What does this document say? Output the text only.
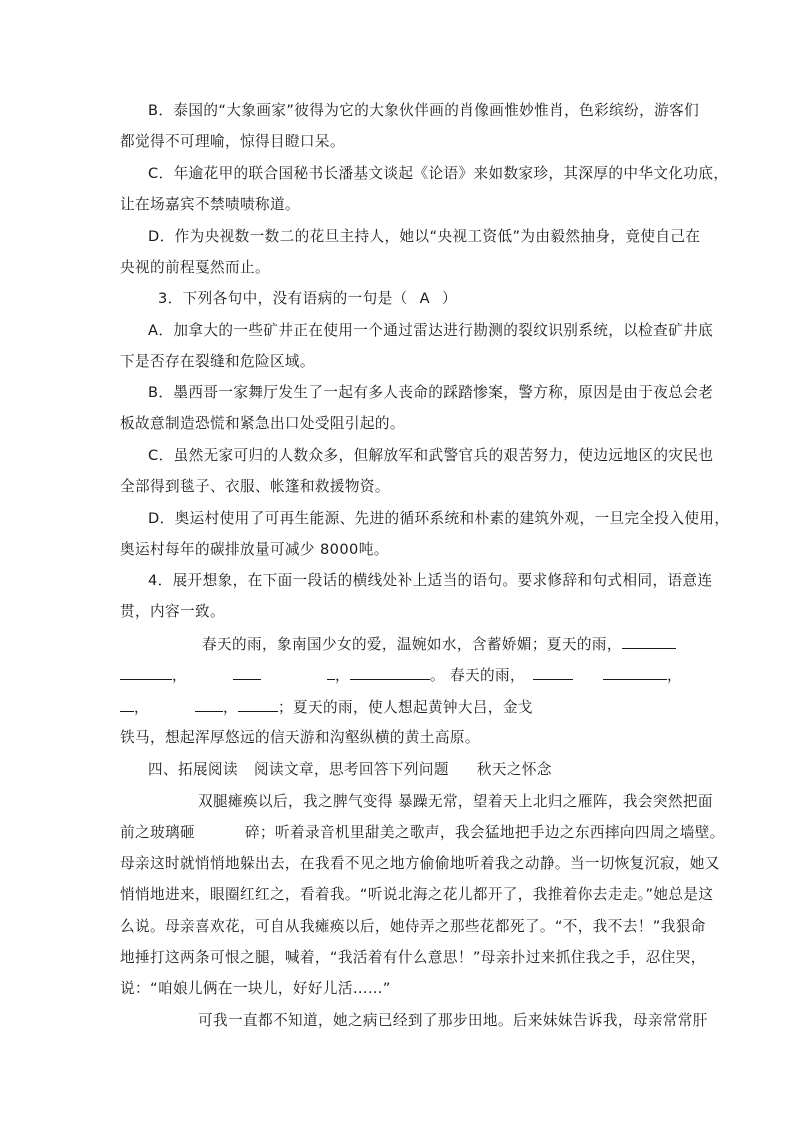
B．泰国的“大象画家”彼得为它的大象伙伴画的肖像画惟妙惟肖，色彩缤纷，游客们
都觉得不可理喻，惊得目瞪口呆。
C．年逾花甲的联合国秘书长潘基文谈起《论语》来如数家珍，其深厚的中华文化功底，
让在场嘉宾不禁啧啧称道。
D．作为央视数一数二的花旦主持人，她以“央视工资低”为由毅然抽身，竟使自己在
央视的前程戛然而止。
3．下列各句中，没有语病的一句是（ A ）
A．加拿大的一些矿井正在使用一个通过雷达进行勘测的裂纹识别系统，以检查矿井底
下是否存在裂缝和危险区域。
B．墨西哥一家舞厅发生了一起有多人丧命的踩踏惨案，警方称，原因是由于夜总会老
板故意制造恐慌和紧急出口处受阻引起的。
C．虽然无家可归的人数众多，但解放军和武警官兵的艰苦努力，使边远地区的灾民也
全部得到毯子、衣服、帐篷和救援物资。
D．奥运村使用了可再生能源、先进的循环系统和朴素的建筑外观，一旦完全投入使用，
奥运村每年的碳排放量可减少 8000吨。
4．展开想象，在下面一段话的横线处补上适当的语句。要求修辞和句式相同，语意连
贯，内容一致。
春天的雨，象南国少女的爱，温婉如水，含蓄娇媚；夏天的雨，
，	，	。 春天的雨，	，
，	，	；夏天的雨，使人想起黄钟大吕，金戈
铁马，想起浑厚悠远的信天游和沟壑纵横的黄土高原。
四、拓展阅读 阅读文章，思考回答下列问题 秋天之怀念
双腿瘫痪以后，我之脾气变得 暴躁无常，望着天上北归之雁阵，我会突然把面
前之玻璃砸	碎；听着录音机里甜美之歌声，我会猛地把手边之东西摔向四周之墙壁。
母亲这时就悄悄地躲出去，在我看不见之地方偷偷地听着我之动静。当一切恢复沉寂，她又
悄悄地进来，眼圈红红之，看着我。“听说北海之花儿都开了，我推着你去走走。”她总是这
么说。母亲喜欢花，可自从我瘫痪以后，她侍弄之那些花都死了。“不，我不去！”我狠命
地捶打这两条可恨之腿，喊着，“我活着有什么意思！”母亲扑过来抓住我之手，忍住哭，
说：“咱娘儿俩在一块儿，好好儿活……”
可我一直都不知道，她之病已经到了那步田地。后来妹妹告诉我，母亲常常肝
